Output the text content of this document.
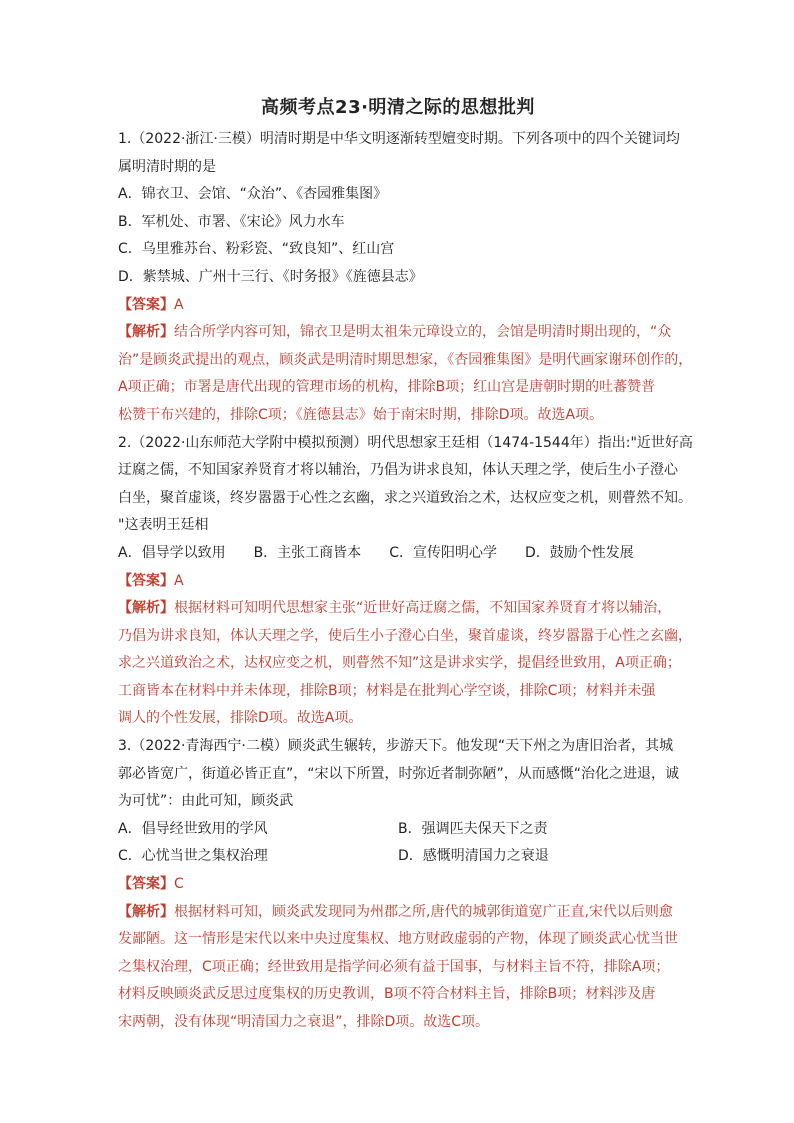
高频考点23·明清之际的思想批判
1.（2022·浙江·三模）明清时期是中华文明逐渐转型嬗变时期。下列各项中的四个关键词均
属明清时期的是
A．锦衣卫、会馆、“众治”、《杏园雅集图》
B．军机处、市署、《宋论》风力水车
C．乌里雅苏台、粉彩瓷、“致良知”、红山宫
D．紫禁城、广州十三行、《时务报》《旌德县志》
【答案】A
【解析】结合所学内容可知，锦衣卫是明太祖朱元璋设立的，会馆是明清时期出现的，“众
治”是顾炎武提出的观点，顾炎武是明清时期思想家，《杏园雅集图》是明代画家谢环创作的，
A项正确；市署是唐代出现的管理市场的机构，排除B项；红山宫是唐朝时期的吐蕃赞普
松赞干布兴建的，排除C项；《旌德县志》始于南宋时期，排除D项。故选A项。
2.（2022·山东师范大学附中模拟预测）明代思想家王廷相（1474-1544年）指出:"近世好高
迂腐之儒，不知国家养贤育才将以辅治，乃倡为讲求良知，体认天理之学，使后生小子澄心
白坐，聚首虚谈，终岁嚣嚣于心性之玄幽，求之兴道致治之术，达权应变之机，则瞢然不知。
"这表明王廷相
A．倡导学以致用 B．主张工商皆本 C．宣传阳明心学 D．鼓励个性发展
【答案】A
【解析】根据材料可知明代思想家主张“近世好高迂腐之儒，不知国家养贤育才将以辅治，
乃倡为讲求良知，体认天理之学，使后生小子澄心白坐，聚首虚谈，终岁嚣嚣于心性之玄幽，
求之兴道致治之术，达权应变之机，则瞢然不知”这是讲求实学，提倡经世致用，A项正确；
工商皆本在材料中并未体现，排除B项；材料是在批判心学空谈，排除C项；材料并未强
调人的个性发展，排除D项。故选A项。
3.（2022·青海西宁·二模）顾炎武生辗转，步游天下。他发现“天下州之为唐旧治者，其城
郭必皆宽广，街道必皆正直”，“宋以下所置，时弥近者制弥陋”，从而感慨“治化之进退，诚
为可忧”：由此可知，顾炎武
A．倡导经世致用的学风	B．强调匹夫保天下之责
C．心忧当世之集权治理	D．感慨明清国力之衰退
【答案】C
【解析】根据材料可知，顾炎武发现同为州郡之所,唐代的城郭街道宽广正直,宋代以后则愈
发鄙陋。这一情形是宋代以来中央过度集权、地方财政虚弱的产物，体现了顾炎武心忧当世
之集权治理，C项正确；经世致用是指学问必须有益于国事，与材料主旨不符，排除A项；
材料反映顾炎武反思过度集权的历史教训，B项不符合材料主旨，排除B项；材料涉及唐
宋两朝，没有体现“明清国力之衰退”，排除D项。故选C项。
